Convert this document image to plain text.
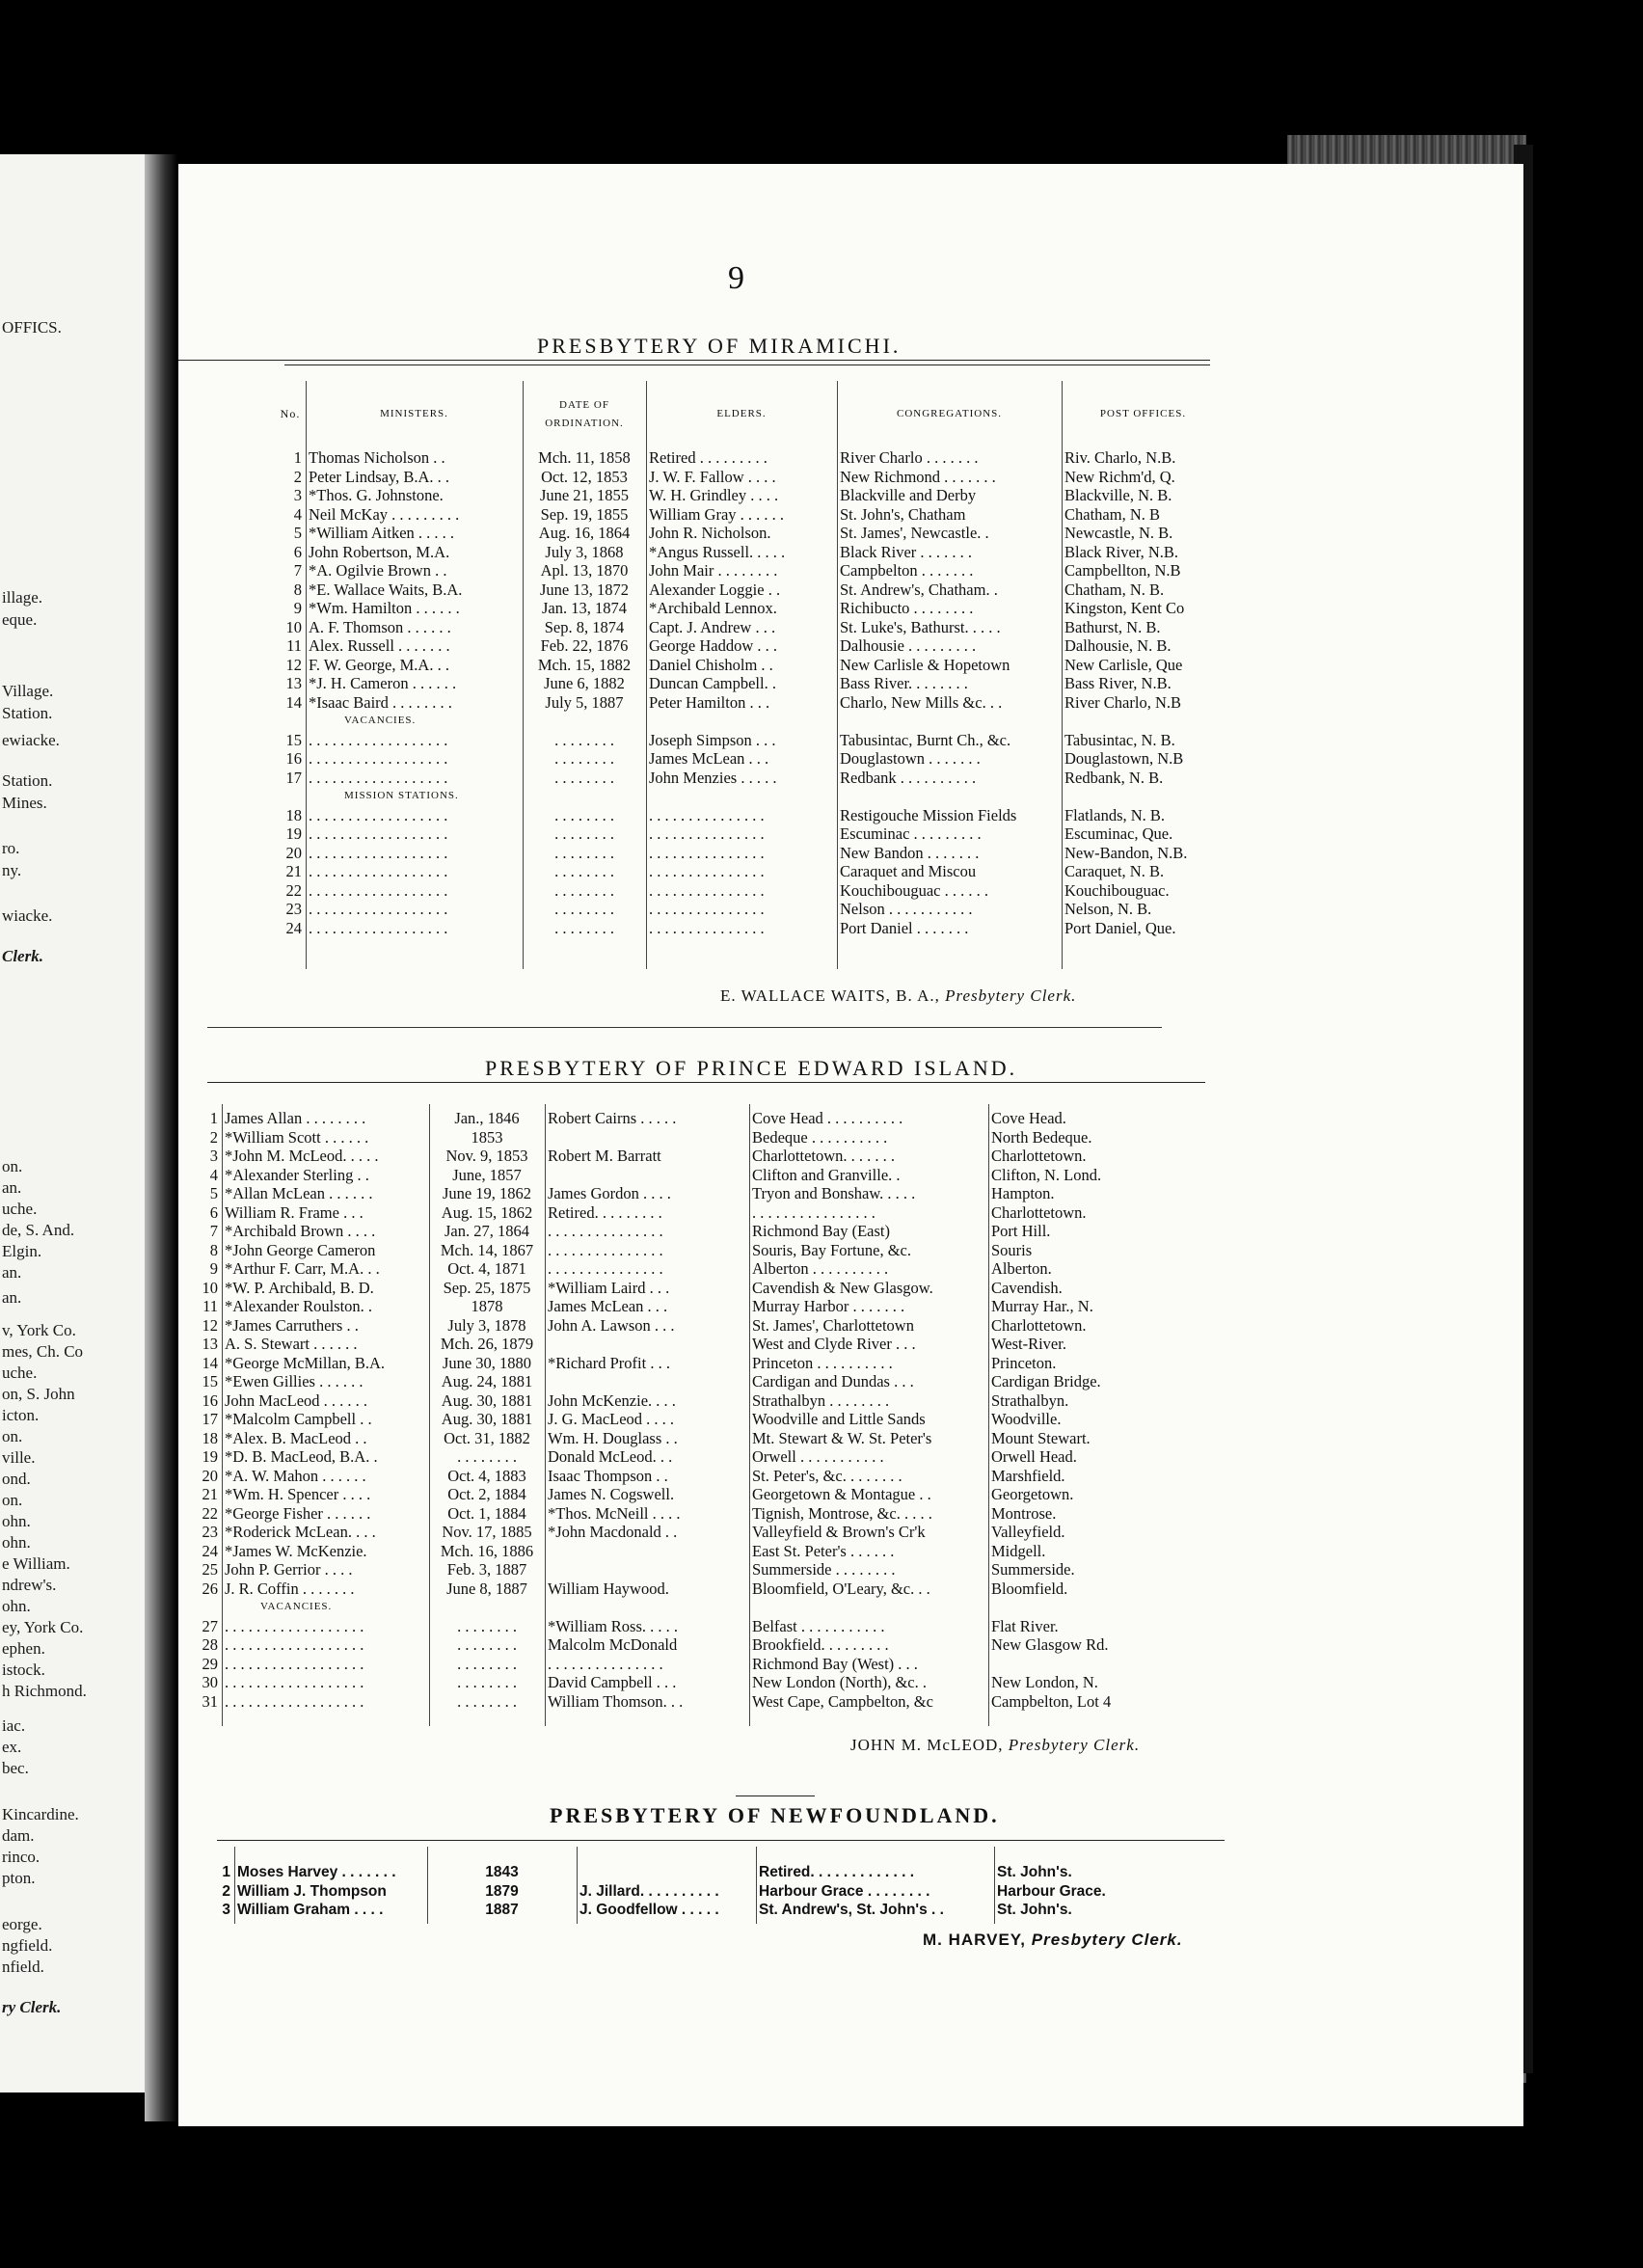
OFFICS.
illage.
eque.
Village.
Station.
ewiacke.
Station.
Mines.
ro.
ny.
wiacke.
Clerk.
on.
an.
uche.
de, S. And.
Elgin.
an.
an.
v, York Co.
mes, Ch. Co
uche.
on, S. John
icton.
on.
ville.
ond.
on.
ohn.
ohn.
e William.
ndrew's.
ohn.
ey, York Co.
ephen.
istock.
h Richmond.
iac.
ex.
bec.
Kincardine.
dam.
rinco.
pton.
eorge.
ngfield.
nfield.
ry Clerk.
9
PRESBYTERY OF MIRAMICHI.
No.	MINISTERS.	DATE OF ORDINATION.	ELDERS.	CONGREGATIONS.	POST OFFICES.
1	Thomas Nicholson . .	Mch. 11, 1858	Retired . . . . . . . . .	River Charlo . . . . . . .	Riv. Charlo, N.B.
2	Peter Lindsay, B.A. . .	Oct. 12, 1853	J. W. F. Fallow . . . .	New Richmond . . . . . . .	New Richm'd, Q.
3	*Thos. G. Johnstone.	June 21, 1855	W. H. Grindley . . . .	Blackville and Derby	Blackville, N. B.
4	Neil McKay . . . . . . . . .	Sep. 19, 1855	William Gray . . . . . .	St. John's, Chatham	Chatham, N. B
5	*William Aitken . . . . .	Aug. 16, 1864	John R. Nicholson.	St. James', Newcastle. .	Newcastle, N. B.
6	John Robertson, M.A.	July 3, 1868	*Angus Russell. . . . .	Black River . . . . . . .	Black River, N.B.
7	*A. Ogilvie Brown . .	Apl. 13, 1870	John Mair . . . . . . . .	Campbelton . . . . . . .	Campbellton, N.B
8	*E. Wallace Waits, B.A.	June 13, 1872	Alexander Loggie . .	St. Andrew's, Chatham. .	Chatham, N. B.
9	*Wm. Hamilton . . . . . .	Jan. 13, 1874	*Archibald Lennox.	Richibucto . . . . . . . .	Kingston, Kent Co
10	A. F. Thomson . . . . . .	Sep. 8, 1874	Capt. J. Andrew . . .	St. Luke's, Bathurst. . . . .	Bathurst, N. B.
11	Alex. Russell . . . . . . .	Feb. 22, 1876	George Haddow . . .	Dalhousie . . . . . . . . .	Dalhousie, N. B.
12	F. W. George, M.A. . .	Mch. 15, 1882	Daniel Chisholm . .	New Carlisle & Hopetown	New Carlisle, Que
13	*J. H. Cameron . . . . . .	June 6, 1882	Duncan Campbell. .	Bass River. . . . . . . .	Bass River, N.B.
14	*Isaac Baird . . . . . . . .	July 5, 1887	Peter Hamilton . . .	Charlo, New Mills &c. . .	River Charlo, N.B
	VACANCIES.				
15	. . . . . . . . . . . . . . . . . .	. . . . . . . .	Joseph Simpson . . .	Tabusintac, Burnt Ch., &c.	Tabusintac, N. B.
16	. . . . . . . . . . . . . . . . . .	. . . . . . . .	James McLean . . .	Douglastown . . . . . . .	Douglastown, N.B
17	. . . . . . . . . . . . . . . . . .	. . . . . . . .	John Menzies . . . . .	Redbank . . . . . . . . . .	Redbank, N. B.
	MISSION STATIONS.				
18	. . . . . . . . . . . . . . . . . .	. . . . . . . .	. . . . . . . . . . . . . . .	Restigouche Mission Fields	Flatlands, N. B.
19	. . . . . . . . . . . . . . . . . .	. . . . . . . .	. . . . . . . . . . . . . . .	Escuminac . . . . . . . . .	Escuminac, Que.
20	. . . . . . . . . . . . . . . . . .	. . . . . . . .	. . . . . . . . . . . . . . .	New Bandon . . . . . . .	New-Bandon, N.B.
21	. . . . . . . . . . . . . . . . . .	. . . . . . . .	. . . . . . . . . . . . . . .	Caraquet and Miscou	Caraquet, N. B.
22	. . . . . . . . . . . . . . . . . .	. . . . . . . .	. . . . . . . . . . . . . . .	Kouchibouguac . . . . . .	Kouchibouguac.
23	. . . . . . . . . . . . . . . . . .	. . . . . . . .	. . . . . . . . . . . . . . .	Nelson . . . . . . . . . . .	Nelson, N. B.
24	. . . . . . . . . . . . . . . . . .	. . . . . . . .	. . . . . . . . . . . . . . .	Port Daniel . . . . . . .	Port Daniel, Que.
E. WALLACE WAITS, B. A., Presbytery Clerk.
PRESBYTERY OF PRINCE EDWARD ISLAND.
1	James Allan . . . . . . . .	Jan., 1846	Robert Cairns . . . . .	Cove Head . . . . . . . . . .	Cove Head.
2	*William Scott . . . . . .	1853		Bedeque . . . . . . . . . .	North Bedeque.
3	*John M. McLeod. . . . .	Nov. 9, 1853	Robert M. Barratt	Charlottetown. . . . . . .	Charlottetown.
4	*Alexander Sterling . .	June, 1857		Clifton and Granville. .	Clifton, N. Lond.
5	*Allan McLean . . . . . .	June 19, 1862	James Gordon . . . .	Tryon and Bonshaw. . . . .	Hampton.
6	William R. Frame . . .	Aug. 15, 1862	Retired. . . . . . . . .	. . . . . . . . . . . . . . . .	Charlottetown.
7	*Archibald Brown . . . .	Jan. 27, 1864	. . . . . . . . . . . . . . .	Richmond Bay (East)	Port Hill.
8	*John George Cameron	Mch. 14, 1867	. . . . . . . . . . . . . . .	Souris, Bay Fortune, &c.	Souris
9	*Arthur F. Carr, M.A. . .	Oct. 4, 1871	. . . . . . . . . . . . . . .	Alberton . . . . . . . . . .	Alberton.
10	*W. P. Archibald, B. D.	Sep. 25, 1875	*William Laird . . .	Cavendish & New Glasgow.	Cavendish.
11	*Alexander Roulston. .	1878	James McLean . . .	Murray Harbor . . . . . . .	Murray Har., N.
12	*James Carruthers . .	July 3, 1878	John A. Lawson . . .	St. James', Charlottetown	Charlottetown.
13	A. S. Stewart . . . . . .	Mch. 26, 1879		West and Clyde River . . .	West-River.
14	*George McMillan, B.A.	June 30, 1880	*Richard Profit . . .	Princeton . . . . . . . . . .	Princeton.
15	*Ewen Gillies . . . . . .	Aug. 24, 1881		Cardigan and Dundas . . .	Cardigan Bridge.
16	John MacLeod . . . . . .	Aug. 30, 1881	John McKenzie. . . .	Strathalbyn . . . . . . . .	Strathalbyn.
17	*Malcolm Campbell . .	Aug. 30, 1881	J. G. MacLeod . . . .	Woodville and Little Sands	Woodville.
18	*Alex. B. MacLeod . .	Oct. 31, 1882	Wm. H. Douglass . .	Mt. Stewart & W. St. Peter's	Mount Stewart.
19	*D. B. MacLeod, B.A. .	. . . . . . . .	Donald McLeod. . .	Orwell . . . . . . . . . . .	Orwell Head.
20	*A. W. Mahon . . . . . .	Oct. 4, 1883	Isaac Thompson . .	St. Peter's, &c. . . . . . . .	Marshfield.
21	*Wm. H. Spencer . . . .	Oct. 2, 1884	James N. Cogswell.	Georgetown & Montague . .	Georgetown.
22	*George Fisher . . . . . .	Oct. 1, 1884	*Thos. McNeill . . . .	Tignish, Montrose, &c. . . . .	Montrose.
23	*Roderick McLean. . . .	Nov. 17, 1885	*John Macdonald . .	Valleyfield & Brown's Cr'k	Valleyfield.
24	*James W. McKenzie.	Mch. 16, 1886		East St. Peter's . . . . . .	Midgell.
25	John P. Gerrior . . . .	Feb. 3, 1887		Summerside . . . . . . . .	Summerside.
26	J. R. Coffin . . . . . . .	June 8, 1887	William Haywood.	Bloomfield, O'Leary, &c. . .	Bloomfield.
	VACANCIES.				
27	. . . . . . . . . . . . . . . . . .	. . . . . . . .	*William Ross. . . . .	Belfast . . . . . . . . . . .	Flat River.
28	. . . . . . . . . . . . . . . . . .	. . . . . . . .	Malcolm McDonald	Brookfield. . . . . . . . .	New Glasgow Rd.
29	. . . . . . . . . . . . . . . . . .	. . . . . . . .	. . . . . . . . . . . . . . .	Richmond Bay (West) . . .	
30	. . . . . . . . . . . . . . . . . .	. . . . . . . .	David Campbell . . .	New London (North), &c. .	New London, N.
31	. . . . . . . . . . . . . . . . . .	. . . . . . . .	William Thomson. . .	West Cape, Campbelton, &c	Campbelton, Lot 4
JOHN M. McLEOD, Presbytery Clerk.
PRESBYTERY OF NEWFOUNDLAND.
1	Moses Harvey . . . . . . .	1843		Retired. . . . . . . . . . . . .	St. John's.
2	William J. Thompson	1879	J. Jillard. . . . . . . . . .	Harbour Grace . . . . . . . .	Harbour Grace.
3	William Graham . . . .	1887	J. Goodfellow . . . . .	St. Andrew's, St. John's . .	St. John's.
M. HARVEY, Presbytery Clerk.
